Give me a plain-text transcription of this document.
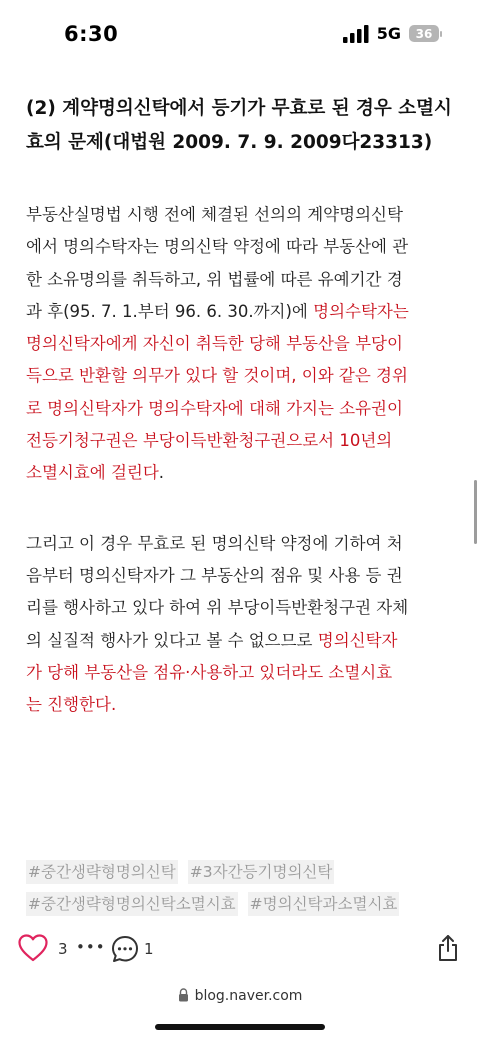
6:30	5G	36
(2) 계약명의신탁에서 등기가 무효로 된 경우 소멸시
효의 문제(대법원 2009. 7. 9. 2009다23313)

부동산실명법 시행 전에 체결된 선의의 계약명의신탁
에서 명의수탁자는 명의신탁 약정에 따라 부동산에 관
한 소유명의를 취득하고, 위 법률에 따른 유예기간 경
과 후(95. 7. 1.부터 96. 6. 30.까지)에 명의수탁자는
명의신탁자에게 자신이 취득한 당해 부동산을 부당이
득으로 반환할 의무가 있다 할 것이며, 이와 같은 경위
로 명의신탁자가 명의수탁자에 대해 가지는 소유권이
전등기청구권은 부당이득반환청구권으로서 10년의
소멸시효에 걸린다.

그리고 이 경우 무효로 된 명의신탁 약정에 기하여 처
음부터 명의신탁자가 그 부동산의 점유 및 사용 등 권
리를 행사하고 있다 하여 위 부당이득반환청구권 자체
의 실질적 행사가 있다고 볼 수 없으므로 명의신탁자
가 당해 부동산을 점유·사용하고 있더라도 소멸시효
는 진행한다.

#중간생략형명의신탁 #3자간등기명의신탁
#중간생략형명의신탁소멸시효 #명의신탁과소멸시효
3 •••	1
blog.naver.com
